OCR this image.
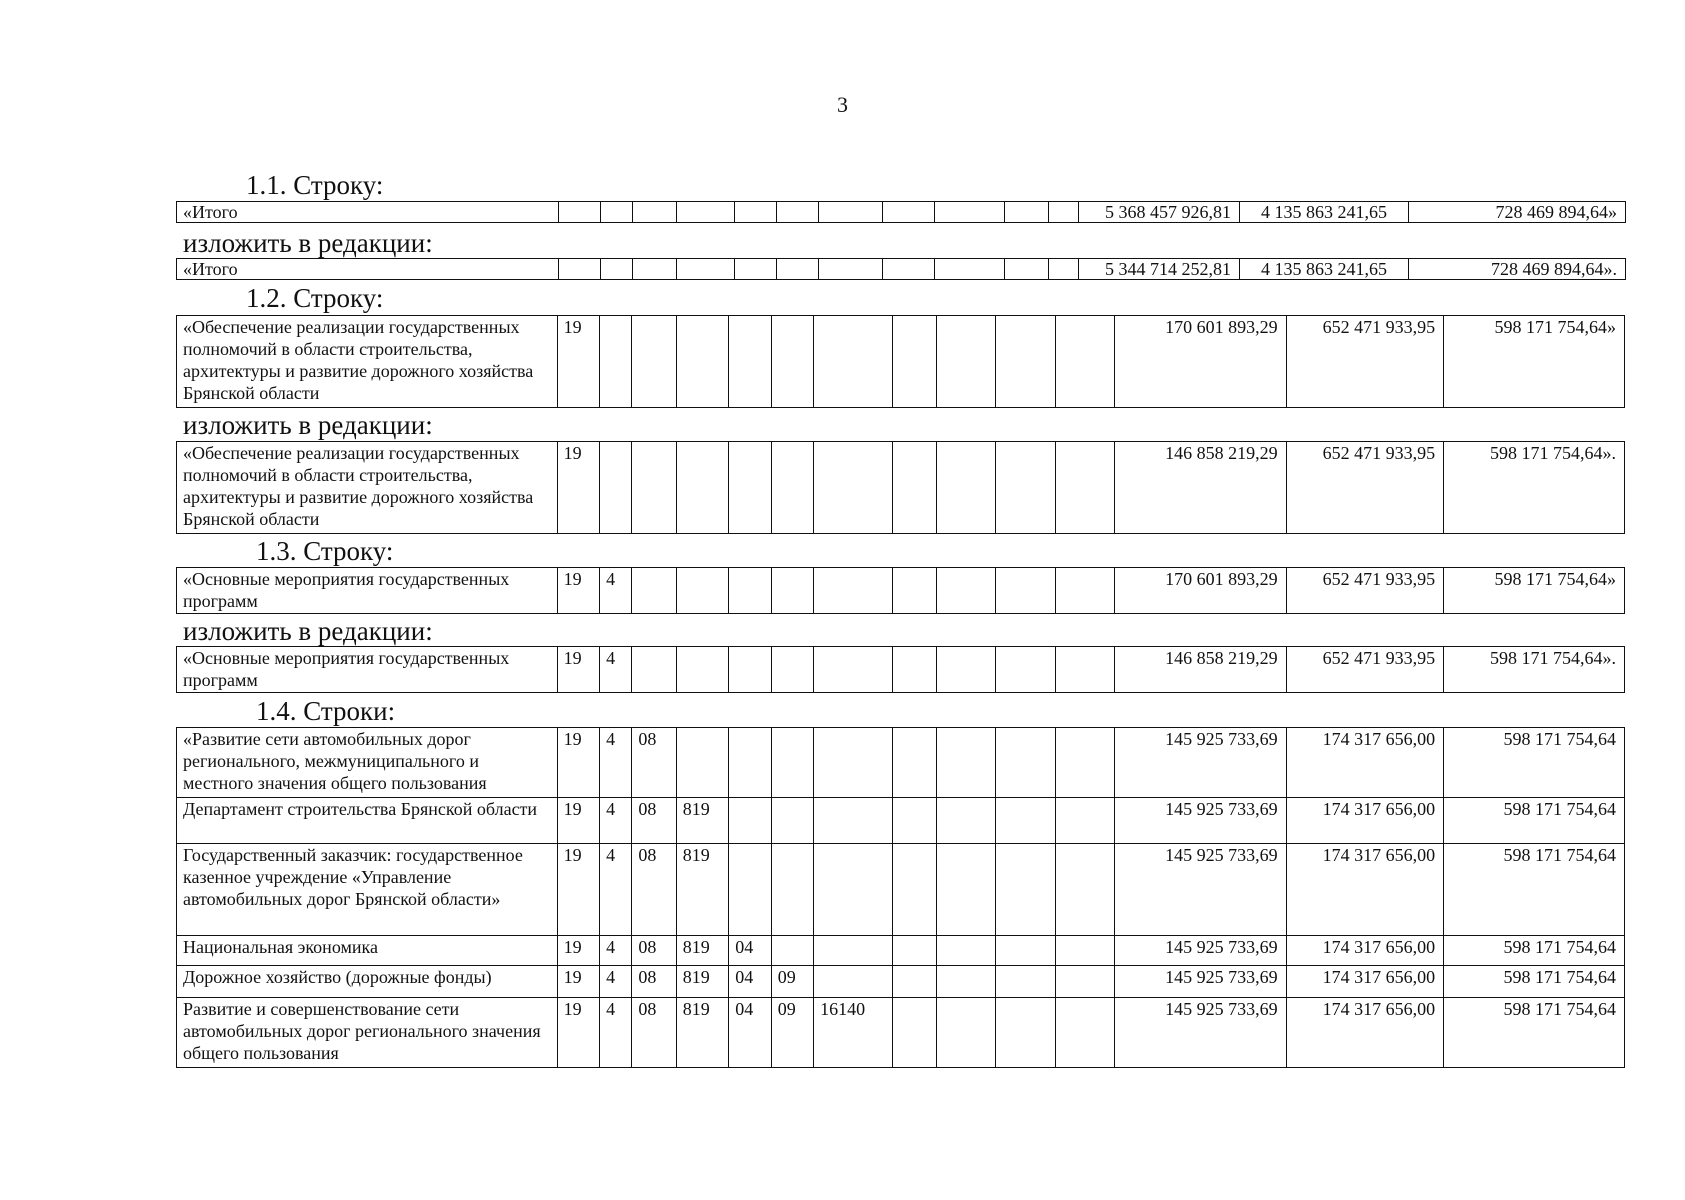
3
1.1. Строку:
«Итого												5 368 457 926,81	4 135 863 241,65	728 469 894,64»
изложить в редакции:
«Итого												5 344 714 252,81	4 135 863 241,65	728 469 894,64».
1.2. Строку:
«Обеспечение реализации государственных полномочий в области строительства, архитектуры и развитие дорожного хозяйства Брянской области	19											170 601 893,29	652 471 933,95	598 171 754,64»
изложить в редакции:
«Обеспечение реализации государственных полномочий в области строительства, архитектуры и развитие дорожного хозяйства Брянской области	19											146 858 219,29	652 471 933,95	598 171 754,64».
1.3. Строку:
«Основные мероприятия государственных программ	19	4										170 601 893,29	652 471 933,95	598 171 754,64»
изложить в редакции:
«Основные мероприятия государственных программ	19	4										146 858 219,29	652 471 933,95	598 171 754,64».
1.4. Строки:
«Развитие сети автомобильных дорог регионального, межмуниципального и местного значения общего пользования	19	4	08									145 925 733,69	174 317 656,00	598 171 754,64
Департамент строительства Брянской области	19	4	08	819								145 925 733,69	174 317 656,00	598 171 754,64
Государственный заказчик: государственное казенное учреждение «Управление автомобильных дорог Брянской области»	19	4	08	819								145 925 733,69	174 317 656,00	598 171 754,64
Национальная экономика	19	4	08	819	04							145 925 733,69	174 317 656,00	598 171 754,64
Дорожное хозяйство (дорожные фонды)	19	4	08	819	04	09						145 925 733,69	174 317 656,00	598 171 754,64
Развитие и совершенствование сети автомобильных дорог регионального значения общего пользования	19	4	08	819	04	09	16140					145 925 733,69	174 317 656,00	598 171 754,64
